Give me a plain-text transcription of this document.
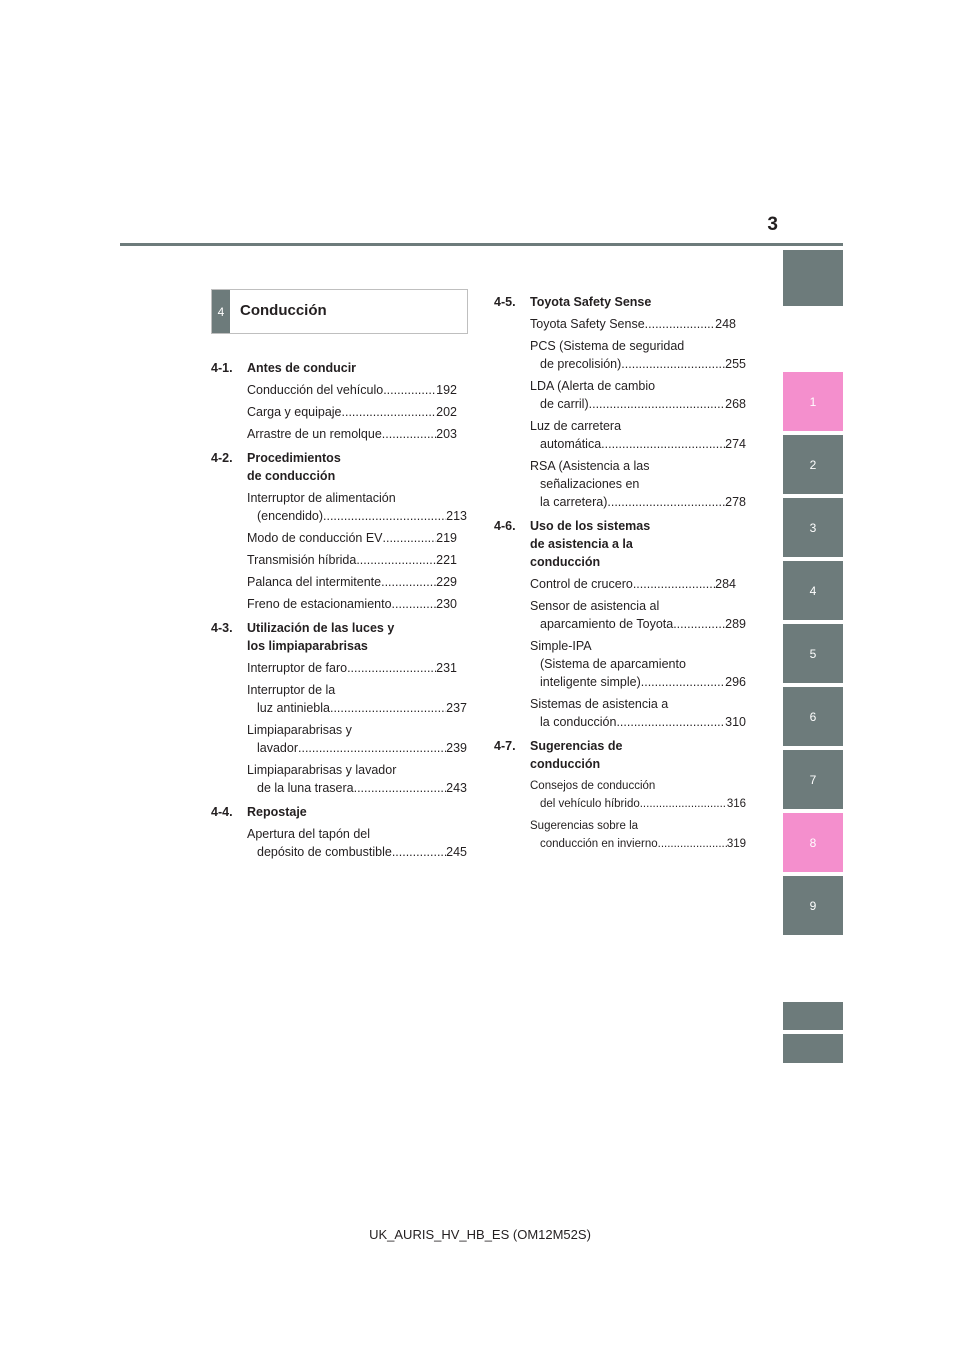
3
1
2
3
4
5
6
7
8
9
4	Conducción
4-1.	Antes de conducir
Conducción del vehículo .....	192
Carga y equipaje .....	202
Arrastre de un remolque .....	203
4-2.	Procedimientos
de conducción
Interruptor de alimentación
(encendido) .....	213
Modo de conducción EV .....	219
Transmisión híbrida .....	221
Palanca del intermitente .....	229
Freno de estacionamiento .....	230
4-3.	Utilización de las luces y
los limpiaparabrisas
Interruptor de faro .....	231
Interruptor de la
luz antiniebla .....	237
Limpiaparabrisas y
lavador .....	239
Limpiaparabrisas y lavador
de la luna trasera .....	243
4-4.	Repostaje
Apertura del tapón del
depósito de combustible .....	245
4-5.	Toyota Safety Sense
Toyota Safety Sense .....	248
PCS (Sistema de seguridad
de precolisión) .....	255
LDA (Alerta de cambio
de carril) .....	268
Luz de carretera
automática .....	274
RSA (Asistencia a las
señalizaciones en
la carretera) .....	278
4-6.	Uso de los sistemas
de asistencia a la
conducción
Control de crucero .....	284
Sensor de asistencia al
aparcamiento de Toyota .....	289
Simple-IPA
(Sistema de aparcamiento
inteligente simple) .....	296
Sistemas de asistencia a
la conducción .....	310
4-7.	Sugerencias de
conducción
Consejos de conducción
del vehículo híbrido .....	316
Sugerencias sobre la
conducción en invierno .....	319
UK_AURIS_HV_HB_ES (OM12M52S)
